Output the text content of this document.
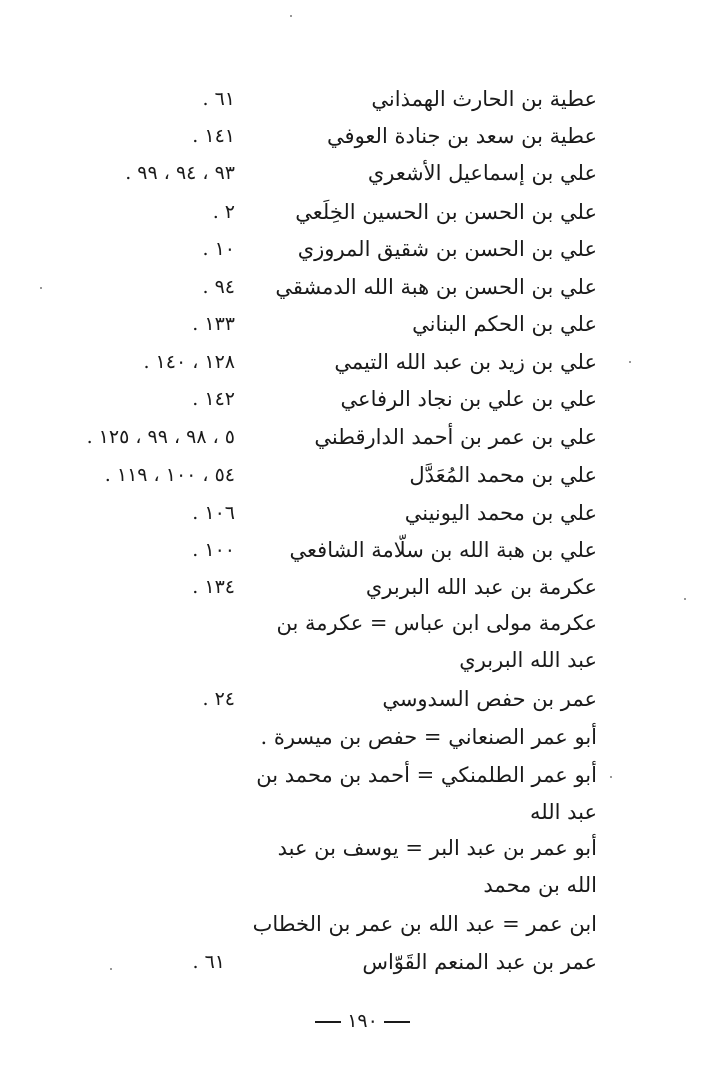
عطية بن الحارث الهمذاني
٦١ .
عطية بن سعد بن جنادة العوفي
١٤١ .
علي بن إسماعيل الأشعري
٩٣ ، ٩٤ ، ٩٩ .
علي بن الحسن بن الحسين الخِلَعي
٢ .
علي بن الحسن بن شقيق المروزي
١٠ .
علي بن الحسن بن هبة الله الدمشقي
٩٤ .
علي بن الحكم البناني
١٣٣ .
علي بن زيد بن عبد الله التيمي
١٢٨ ، ١٤٠ .
علي بن علي بن نجاد الرفاعي
١٤٢ .
علي بن عمر بن أحمد الدارقطني
٥ ، ٩٨ ، ٩٩ ، ١٢٥ .
علي بن محمد المُعَدَّل
٥٤ ، ١٠٠ ، ١١٩ .
علي بن محمد اليونيني
١٠٦ .
علي بن هبة الله بن سلّامة الشافعي
١٠٠ .
عكرمة بن عبد الله البربري
١٣٤ .
عكرمة مولى ابن عباس = عكرمة بن عبد الله البربري
عمر بن حفص السدوسي
٢٤ .
أبو عمر الصنعاني = حفص بن ميسرة .
أبو عمر الطلمنكي = أحمد بن محمد بن عبد الله
أبو عمر بن عبد البر = يوسف بن عبد الله بن محمد
ابن عمر = عبد الله بن عمر بن الخطاب
عمر بن عبد المنعم القَوّاس
٦١ .
١٩٠
